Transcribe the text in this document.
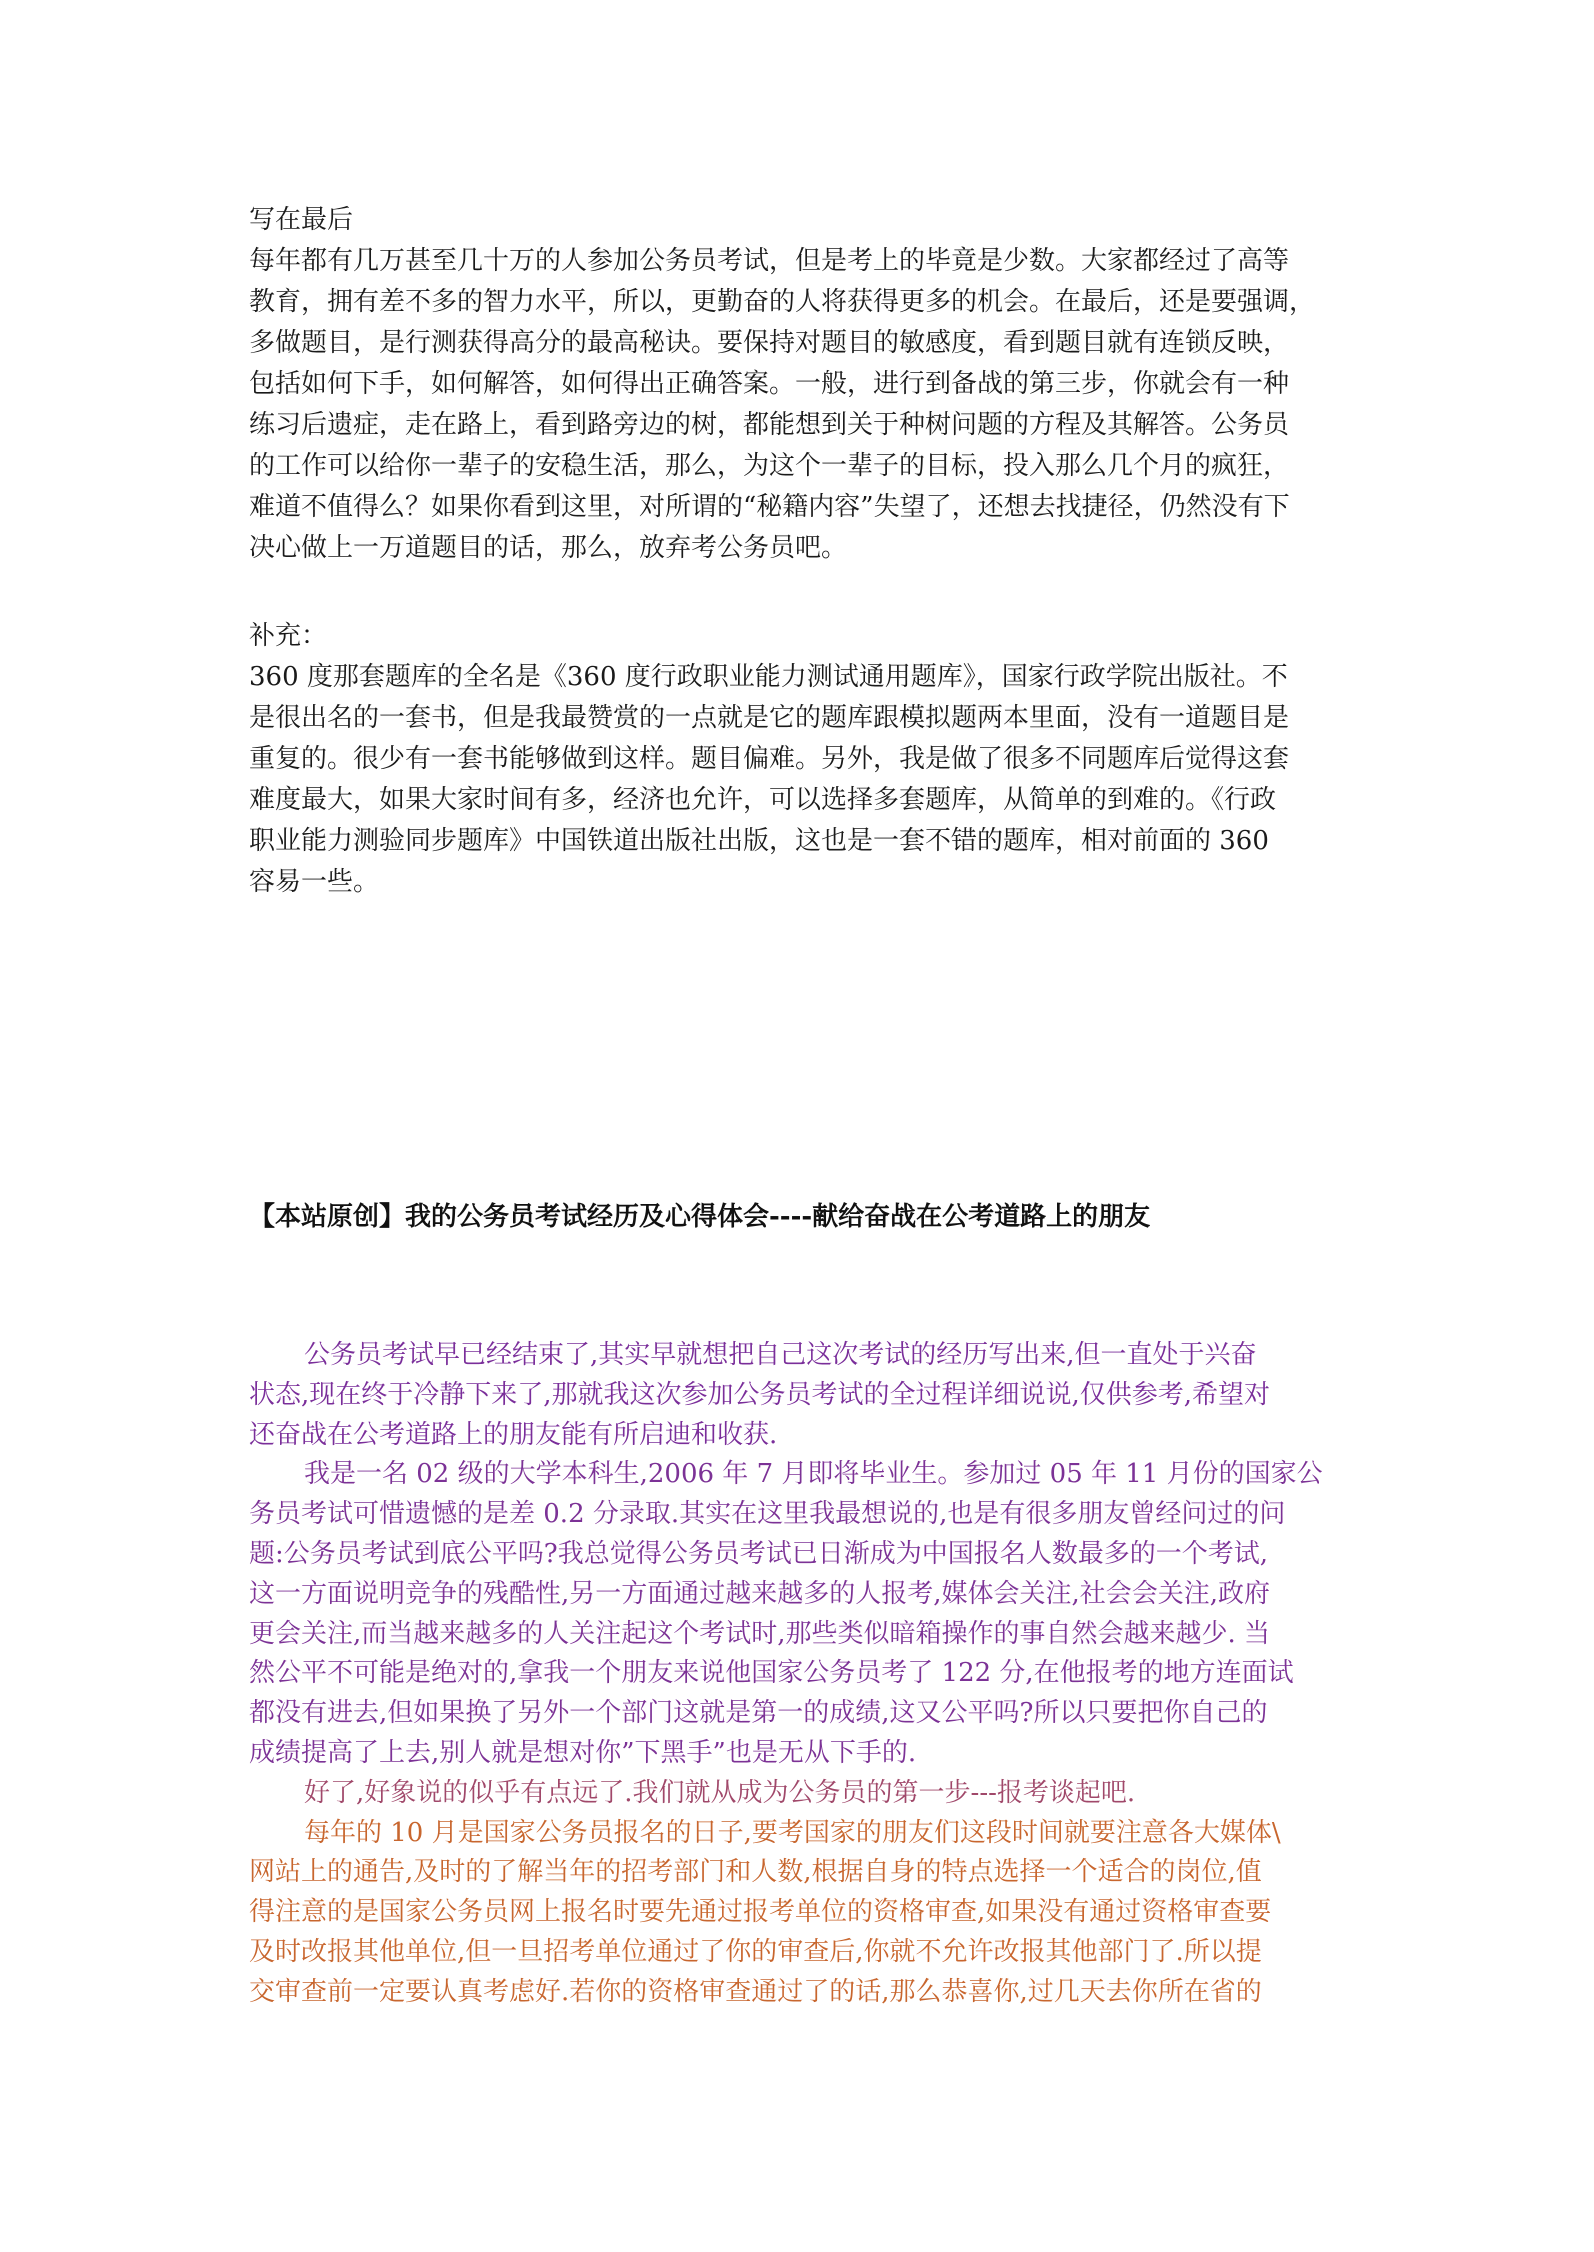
写在最后
每年都有几万甚至几十万的人参加公务员考试，但是考上的毕竟是少数。大家都经过了高等
教育，拥有差不多的智力水平，所以，更勤奋的人将获得更多的机会。在最后，还是要强调，
多做题目，是行测获得高分的最高秘诀。要保持对题目的敏感度，看到题目就有连锁反映，
包括如何下手，如何解答，如何得出正确答案。一般，进行到备战的第三步，你就会有一种
练习后遗症，走在路上，看到路旁边的树，都能想到关于种树问题的方程及其解答。公务员
的工作可以给你一辈子的安稳生活，那么，为这个一辈子的目标，投入那么几个月的疯狂，
难道不值得么？如果你看到这里，对所谓的“秘籍内容”失望了，还想去找捷径，仍然没有下
决心做上一万道题目的话，那么，放弃考公务员吧。
补充：
360 度那套题库的全名是《360 度行政职业能力测试通用题库》，国家行政学院出版社。不
是很出名的一套书，但是我最赞赏的一点就是它的题库跟模拟题两本里面，没有一道题目是
重复的。很少有一套书能够做到这样。题目偏难。另外，我是做了很多不同题库后觉得这套
难度最大，如果大家时间有多，经济也允许，可以选择多套题库，从简单的到难的。《行政
职业能力测验同步题库》中国铁道出版社出版，这也是一套不错的题库，相对前面的 360
容易一些。
【本站原创】我的公务员考试经历及心得体会----献给奋战在公考道路上的朋友
公务员考试早已经结束了,其实早就想把自己这次考试的经历写出来,但一直处于兴奋
状态,现在终于冷静下来了,那就我这次参加公务员考试的全过程详细说说,仅供参考,希望对
还奋战在公考道路上的朋友能有所启迪和收获.
我是一名 02 级的大学本科生,2006 年 7 月即将毕业生。参加过 05 年 11 月份的国家公
务员考试可惜遗憾的是差 0.2 分录取.其实在这里我最想说的,也是有很多朋友曾经问过的问
题:公务员考试到底公平吗?我总觉得公务员考试已日渐成为中国报名人数最多的一个考试,
这一方面说明竞争的残酷性,另一方面通过越来越多的人报考,媒体会关注,社会会关注,政府
更会关注,而当越来越多的人关注起这个考试时,那些类似暗箱操作的事自然会越来越少. 当
然公平不可能是绝对的,拿我一个朋友来说他国家公务员考了 122 分,在他报考的地方连面试
都没有进去,但如果换了另外一个部门这就是第一的成绩,这又公平吗?所以只要把你自己的
成绩提高了上去,别人就是想对你”下黑手”也是无从下手的.
好了,好象说的似乎有点远了.我们就从成为公务员的第一步---报考谈起吧.
每年的 10 月是国家公务员报名的日子,要考国家的朋友们这段时间就要注意各大媒体\
网站上的通告,及时的了解当年的招考部门和人数,根据自身的特点选择一个适合的岗位,值
得注意的是国家公务员网上报名时要先通过报考单位的资格审查,如果没有通过资格审查要
及时改报其他单位,但一旦招考单位通过了你的审查后,你就不允许改报其他部门了.所以提
交审查前一定要认真考虑好.若你的资格审查通过了的话,那么恭喜你,过几天去你所在省的
